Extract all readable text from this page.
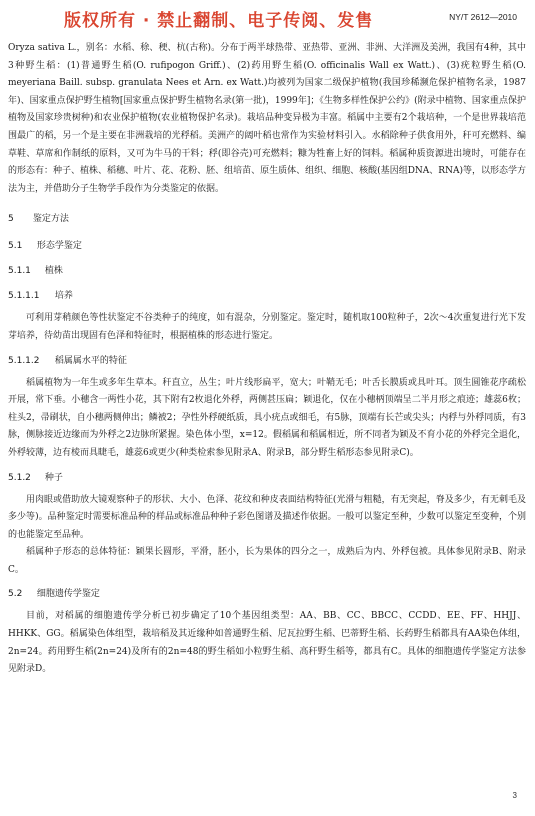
版权所有 · 禁止翻制、电子传阅、发售	NY/T 2612—2010

Oryza sativa L.，别名：水稻、稌、稉、杭(古称)。分布于两半球热带、亚热带、亚洲、非洲、大洋洲及美洲，我国有4种，其中3种野生稻：(1)普通野生稻(O. rufipogon Griff.)、(2)药用野生稻(O. officinalis Wall ex Watt.)、(3)疣粒野生稻(O. meyeriana Baill. subsp. granulata Nees et Arn. ex Watt.)均被列为国家二级保护植物(我国珍稀濒危保护植物名录，1987年)、国家重点保护野生植物[国家重点保护野生植物名录(第一批)，1999年]；《生物多样性保护公约》(附录中植物、国家重点保护植物及国家珍贵树种)和农业保护植物(农业植物保护名录)。栽培品种变异极为丰富。稻属中主要有2个栽培种，一个是世界栽培范围最广的稻，另一个是主要在非洲栽培的光稃稻。美洲产的阔叶稻也常作为实验材料引入。水稻除种子供食用外，秆可充燃料、编草鞋、草席和作制纸的原料，又可为牛马的干料；稃(即谷壳)可充燃料；糠为牲畜上好的饲料。稻属种质资源进出境时，可能存在的形态有：种子、植株、稻穗、叶片、花、花粉、胚、组培苗、原生质体、组织、细胞、核酸(基因组DNA、RNA)等，以形态学方法为主，并借助分子生物学手段作为分类鉴定的依据。

5 鉴定方法
5.1 形态学鉴定
5.1.1 植株
5.1.1.1 培养

可利用芽稍颜色等性状鉴定不谷类种子的纯度，如有混杂，分别鉴定。鉴定时，随机取100粒种子，2次～4次重复进行光下发芽培养，待幼苗出现固有色泽和特征时，根据植株的形态进行鉴定。

5.1.1.2 稻属属水平的特征

稻属植物为一年生或多年生草本。秆直立，丛生；叶片线形扁平，宽大；叶鞘无毛；叶舌长膜质或具叶耳。顶生圆锥花序疏松开展，常下垂。小穗含一两性小花，其下附有2枚退化外稃，两侧甚压扁；颖退化，仅在小穗柄顶端呈二半月形之痕迹；雄蕊6枚；柱头2，帚刷状，自小穗两侧伸出；鳞被2；孕性外稃硬纸质，具小疣点或细毛，有5脉，顶端有长芒或尖头；内稃与外稃同质，有3脉，侧脉接近边缘而为外稃之2边脉所紧握。染色体小型，x=12。假稻属和稻属相近，所不同者为颖及不育小花的外稃完全退化，外稃较薄，边有棱而具睫毛，雄蕊6或更少(种类检索参见附录A、附录B，部分野生稻形态参见附录C)。

5.1.2 种子

用肉眼或借助放大镜观察种子的形状、大小、色泽、花纹和种皮表面结构特征(光滑与粗糙，有无突起，脊及多少，有无刺毛及多少等)。品种鉴定时需要标准品种的样品或标准品种种子彩色图谱及描述作依据。一般可以鉴定至种，少数可以鉴定至变种，个别的也能鉴定至品种。

稻属种子形态的总体特征：颖果长圆形，平滑，胚小，长为果体的四分之一，成熟后为内、外稃包被。具体参见附录B、附录C。

5.2 细胞遗传学鉴定

目前，对稻属的细胞遗传学分析已初步确定了10个基因组类型：AA、BB、CC、BBCC、CCDD、EE、FF、HHJJ、HHKK、GG。稻属染色体组型，栽培稻及其近缘种如普通野生稻、尼瓦拉野生稻、巴蒂野生稻、长药野生稻都具有AA染色体组，2n=24。药用野生稻(2n=24)及所有的2n=48的野生稻如小粒野生稻、高秆野生稻等，都具有C。具体的细胞遗传学鉴定方法参见附录D。

3
